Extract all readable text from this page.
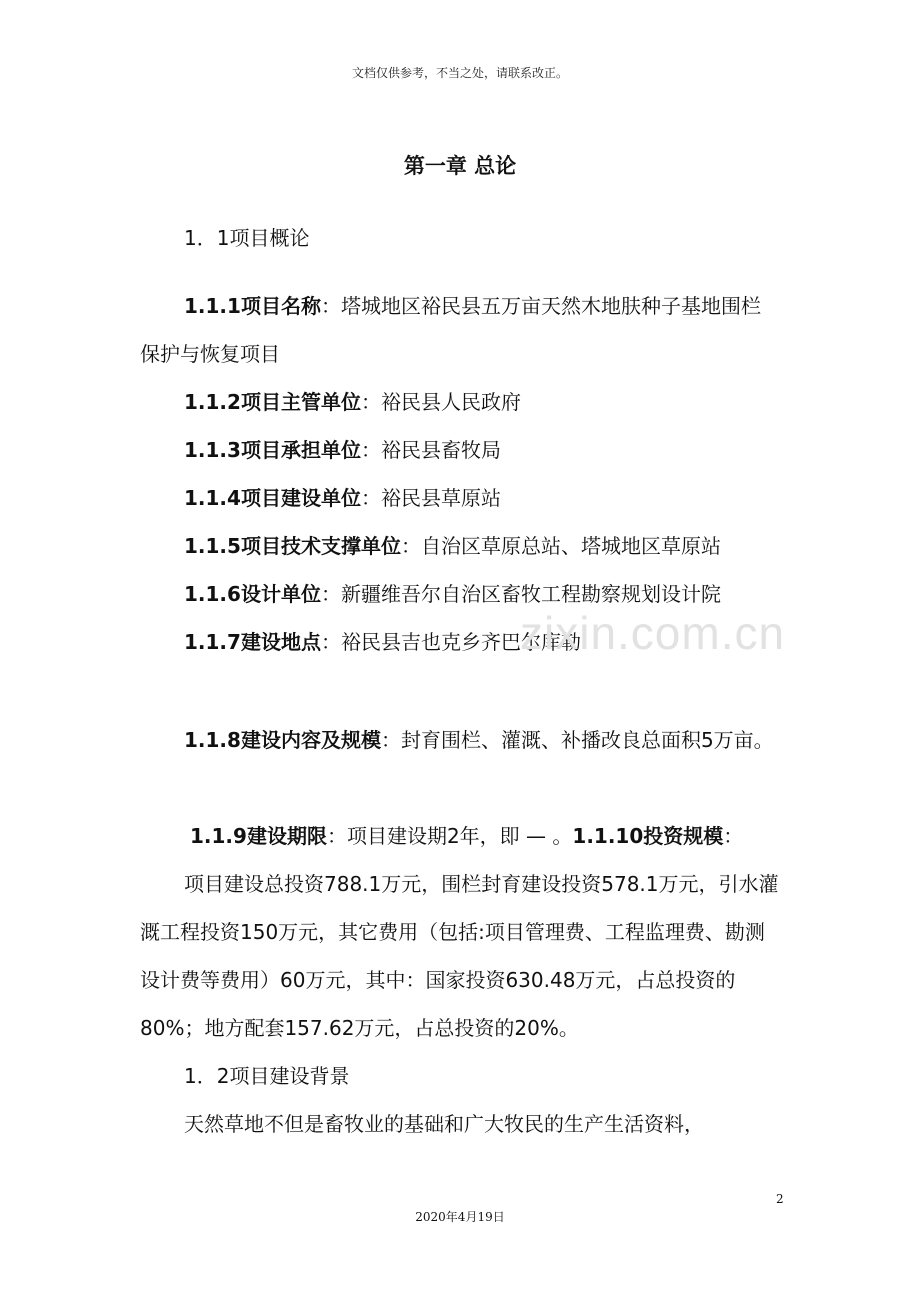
文档仅供参考，不当之处，请联系改正。
第一章 总论
1．1项目概论
1.1.1项目名称：塔城地区裕民县五万亩天然木地肤种子基地围栏保护与恢复项目
1.1.2项目主管单位：裕民县人民政府
1.1.3项目承担单位：裕民县畜牧局
1.1.4项目建设单位：裕民县草原站
1.1.5项目技术支撑单位：自治区草原总站、塔城地区草原站
1.1.6设计单位：新疆维吾尔自治区畜牧工程勘察规划设计院
1.1.7建设地点：裕民县吉也克乡齐巴尔库勒
zixin.com.cn
1.1.8建设内容及规模：封育围栏、灌溉、补播改良总面积5万亩。
1.1.9建设期限：项目建设期2年，即 — 。1.1.10投资规模：
项目建设总投资788.1万元，围栏封育建设投资578.1万元，引水灌溉工程投资150万元，其它费用（包括:项目管理费、工程监理费、勘测设计费等费用）60万元，其中：国家投资630.48万元，占总投资的80%；地方配套157.62万元，占总投资的20%。
1．2项目建设背景
天然草地不但是畜牧业的基础和广大牧民的生产生活资料，
2
2020年4月19日
